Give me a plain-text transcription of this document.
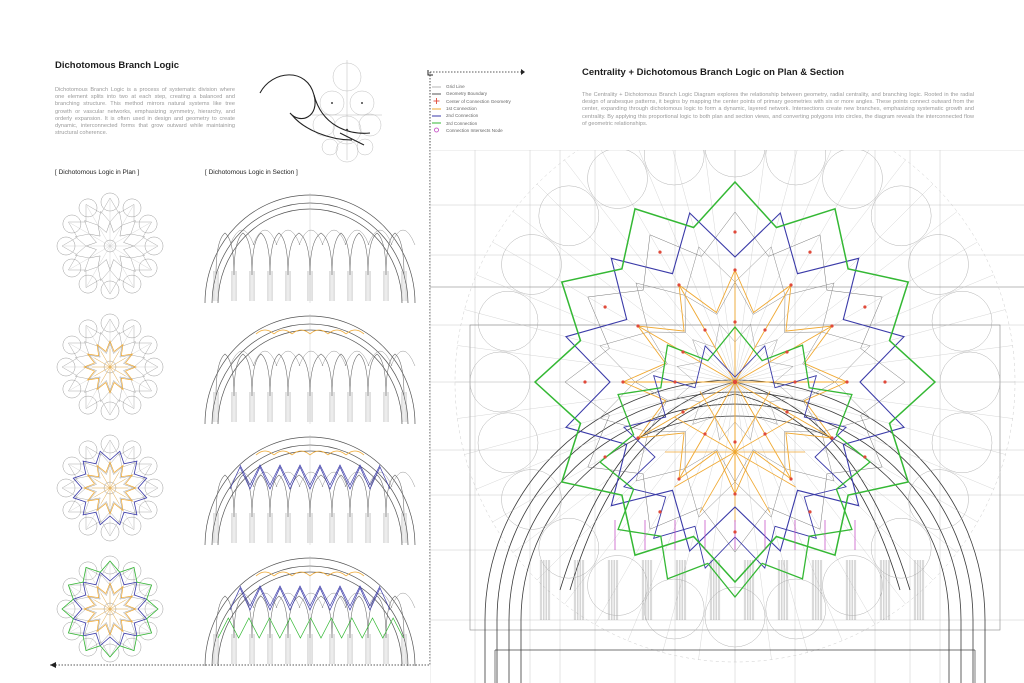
Dichotomous Branch Logic
Dichotomous Branch Logic is a process of systematic division where one element splits into two at each step, creating a balanced and branching structure. This method mirrors natural systems like tree growth or vascular networks, emphasizing symmetry, hierarchy, and orderly expansion. It is often used in design and geometry to create dynamic, interconnected forms that grow outward while maintaining structural coherence.
[ Dichotomous Logic in Plan ]	[ Dichotomous Logic in Section ]
Grid Line
Geometry Boundary
Center of Connection Geometry
1st Connection
2nd Connection
3rd Connection
Connection Intersects Node
Centrality + Dichotomous Branch Logic on Plan & Section
The Centrality + Dichotomous Branch Logic Diagram explores the relationship between geometry, radial centrality, and branching logic. Rooted in the radial design of arabesque patterns, it begins by mapping the center points of primary geometries with six or more angles. These points connect outward from the center, expanding through dichotomous logic to form a dynamic, layered network. Intersections create new branches, emphasizing systematic growth and centrality. By applying this proportional logic to both plan and section views, and converting polygons into circles, the diagram reveals the interconnected flow of geometric relationships.
